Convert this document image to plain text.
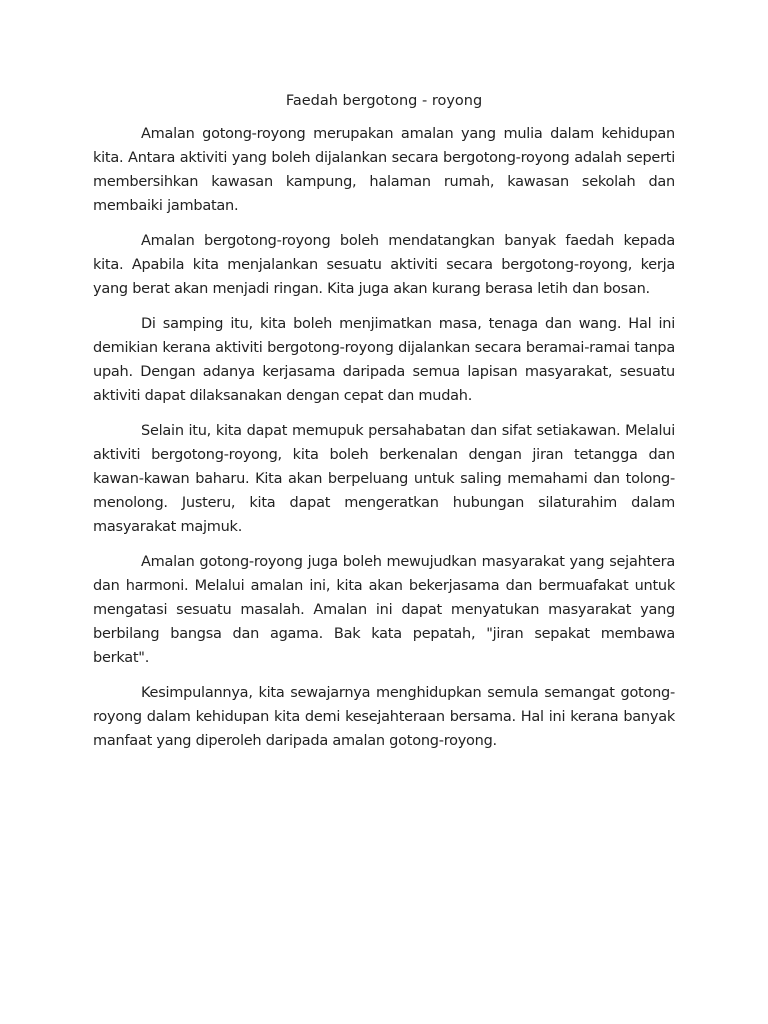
Faedah bergotong - royong

Amalan gotong-royong merupakan amalan yang mulia dalam kehidupan kita. Antara aktiviti yang boleh dijalankan secara bergotong-royong adalah seperti membersihkan kawasan kampung, halaman rumah, kawasan sekolah dan membaiki jambatan.

Amalan bergotong-royong boleh mendatangkan banyak faedah kepada kita. Apabila kita menjalankan sesuatu aktiviti secara bergotong-royong, kerja yang berat akan menjadi ringan. Kita juga akan kurang berasa letih dan bosan.

Di samping itu, kita boleh menjimatkan masa, tenaga dan wang. Hal ini demikian kerana aktiviti bergotong-royong dijalankan secara beramai-ramai tanpa upah. Dengan adanya kerjasama daripada semua lapisan masyarakat, sesuatu aktiviti dapat dilaksanakan dengan cepat dan mudah.

Selain itu, kita dapat memupuk persahabatan dan sifat setiakawan. Melalui aktiviti bergotong-royong, kita boleh berkenalan dengan jiran tetangga dan kawan-kawan baharu. Kita akan berpeluang untuk saling memahami dan tolong-menolong. Justeru, kita dapat mengeratkan hubungan silaturahim dalam masyarakat majmuk.

Amalan gotong-royong juga boleh mewujudkan masyarakat yang sejahtera dan harmoni. Melalui amalan ini, kita akan bekerjasama dan bermuafakat untuk mengatasi sesuatu masalah. Amalan ini dapat menyatukan masyarakat yang berbilang bangsa dan agama. Bak kata pepatah, "jiran sepakat membawa berkat".

Kesimpulannya, kita sewajarnya menghidupkan semula semangat gotong-royong dalam kehidupan kita demi kesejahteraan bersama. Hal ini kerana banyak manfaat yang diperoleh daripada amalan gotong-royong.
